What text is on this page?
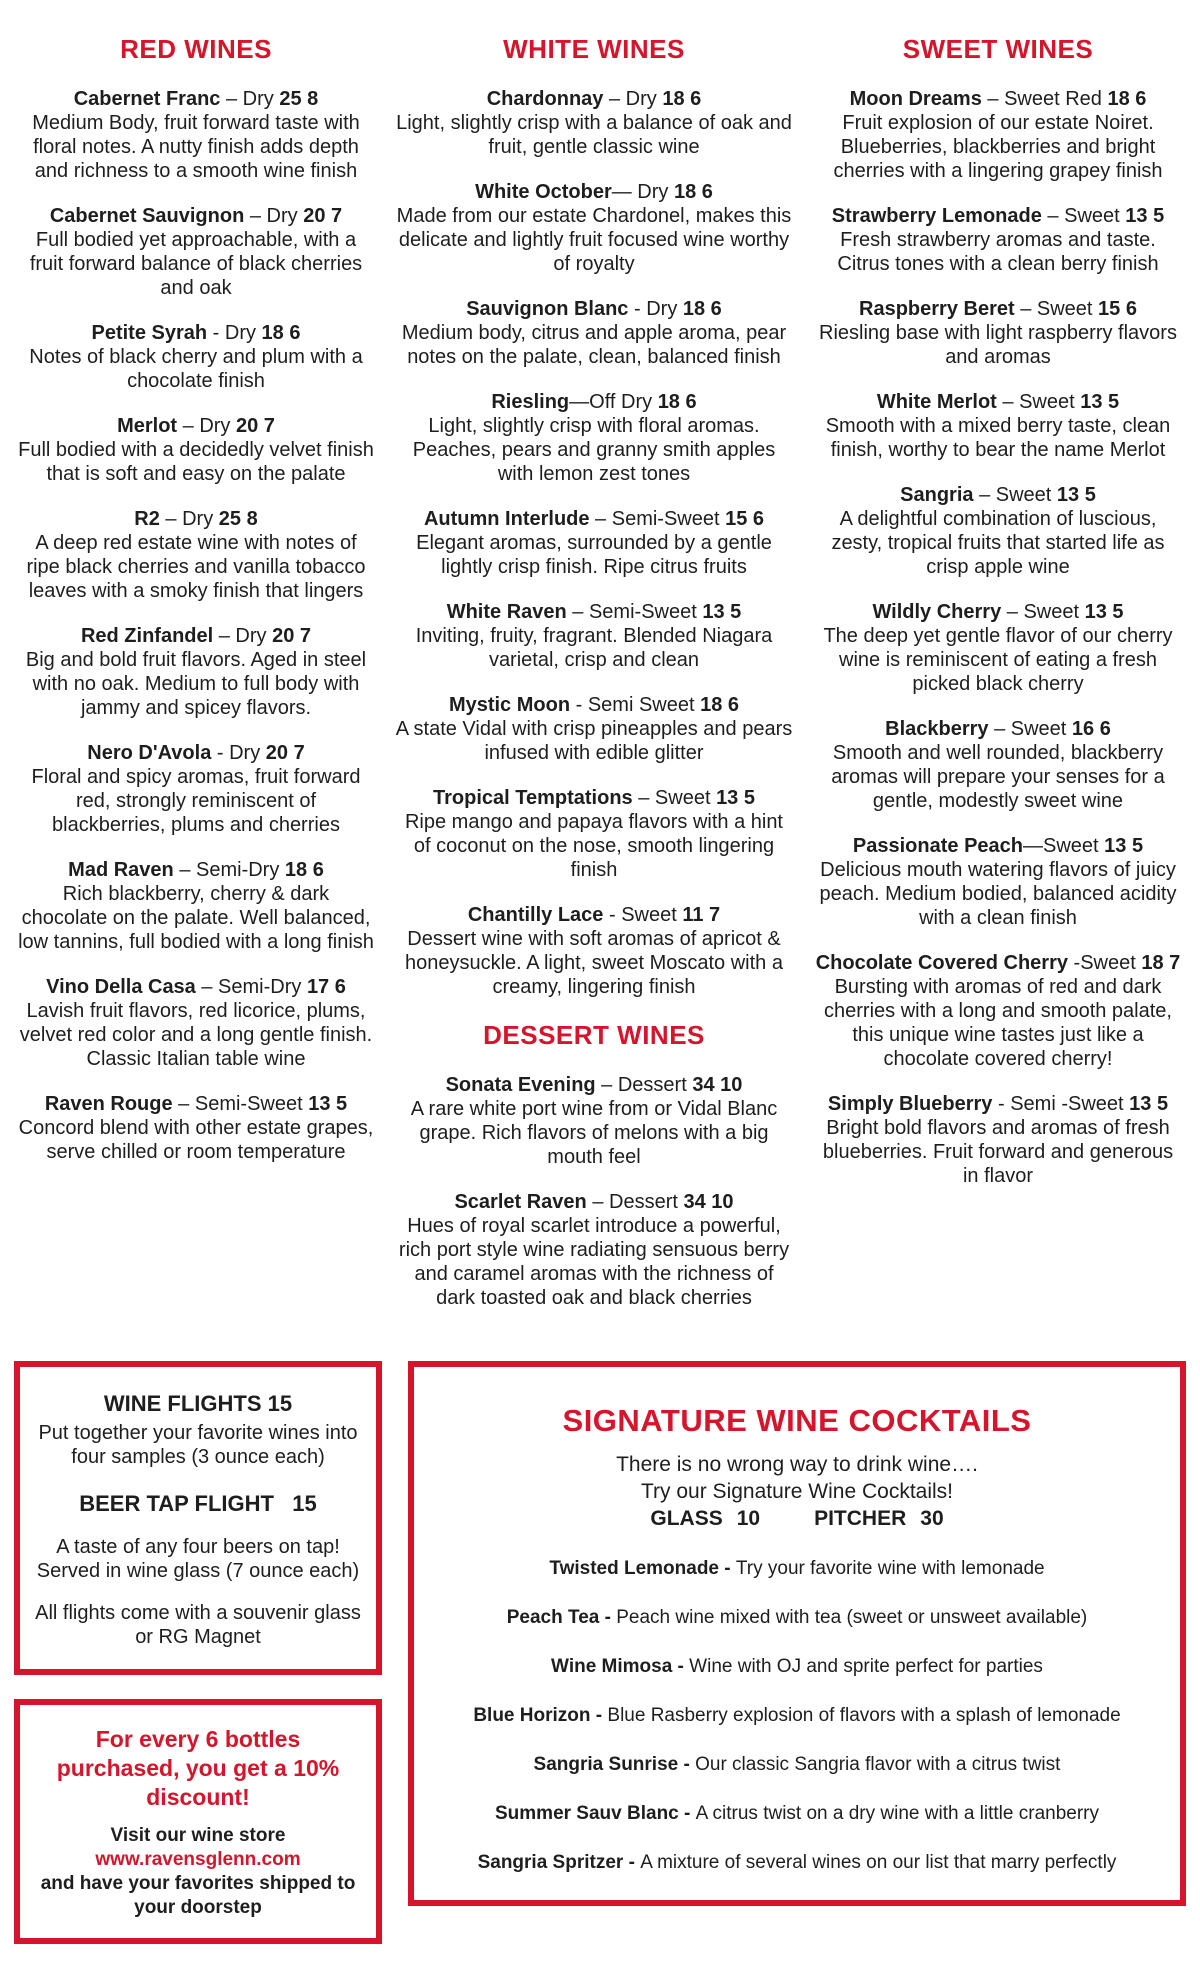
RED WINES
Cabernet Franc – Dry 25 8
Medium Body, fruit forward taste with floral notes. A nutty finish adds depth and richness to a smooth wine finish
Cabernet Sauvignon – Dry 20 7
Full bodied yet approachable, with a fruit forward balance of black cherries and oak
Petite Syrah - Dry 18 6
Notes of black cherry and plum with a chocolate finish
Merlot – Dry 20 7
Full bodied with a decidedly velvet finish that is soft and easy on the palate
R2 – Dry 25 8
A deep red estate wine with notes of ripe black cherries and vanilla tobacco leaves with a smoky finish that lingers
Red Zinfandel – Dry 20 7
Big and bold fruit flavors. Aged in steel with no oak. Medium to full body with jammy and spicey flavors.
Nero D'Avola - Dry 20 7
Floral and spicy aromas, fruit forward red, strongly reminiscent of blackberries, plums and cherries
Mad Raven – Semi-Dry 18 6
Rich blackberry, cherry & dark chocolate on the palate. Well balanced, low tannins, full bodied with a long finish
Vino Della Casa – Semi-Dry 17 6
Lavish fruit flavors, red licorice, plums, velvet red color and a long gentle finish. Classic Italian table wine
Raven Rouge – Semi-Sweet 13 5
Concord blend with other estate grapes, serve chilled or room temperature
WHITE WINES
Chardonnay – Dry 18 6
Light, slightly crisp with a balance of oak and fruit, gentle classic wine
White October— Dry 18 6
Made from our estate Chardonel, makes this delicate and lightly fruit focused wine worthy of royalty
Sauvignon Blanc - Dry 18 6
Medium body, citrus and apple aroma, pear notes on the palate, clean, balanced finish
Riesling—Off Dry 18 6
Light, slightly crisp with floral aromas. Peaches, pears and granny smith apples with lemon zest tones
Autumn Interlude – Semi-Sweet 15 6
Elegant aromas, surrounded by a gentle lightly crisp finish. Ripe citrus fruits
White Raven – Semi-Sweet 13 5
Inviting, fruity, fragrant. Blended Niagara varietal, crisp and clean
Mystic Moon - Semi Sweet 18 6
A state Vidal with crisp pineapples and pears infused with edible glitter
Tropical Temptations – Sweet 13 5
Ripe mango and papaya flavors with a hint of coconut on the nose, smooth lingering finish
Chantilly Lace - Sweet 11 7
Dessert wine with soft aromas of apricot & honeysuckle. A light, sweet Moscato with a creamy, lingering finish
DESSERT WINES
Sonata Evening – Dessert 34 10
A rare white port wine from or Vidal Blanc grape. Rich flavors of melons with a big mouth feel
Scarlet Raven – Dessert 34 10
Hues of royal scarlet introduce a powerful, rich port style wine radiating sensuous berry and caramel aromas with the richness of dark toasted oak and black cherries
SWEET WINES
Moon Dreams – Sweet Red 18 6
Fruit explosion of our estate Noiret. Blueberries, blackberries and bright cherries with a lingering grapey finish
Strawberry Lemonade – Sweet 13 5
Fresh strawberry aromas and taste. Citrus tones with a clean berry finish
Raspberry Beret – Sweet 15 6
Riesling base with light raspberry flavors and aromas
White Merlot – Sweet 13 5
Smooth with a mixed berry taste, clean finish, worthy to bear the name Merlot
Sangria – Sweet 13 5
A delightful combination of luscious, zesty, tropical fruits that started life as crisp apple wine
Wildly Cherry – Sweet 13 5
The deep yet gentle flavor of our cherry wine is reminiscent of eating a fresh picked black cherry
Blackberry – Sweet 16 6
Smooth and well rounded, blackberry aromas will prepare your senses for a gentle, modestly sweet wine
Passionate Peach—Sweet 13 5
Delicious mouth watering flavors of juicy peach. Medium bodied, balanced acidity with a clean finish
Chocolate Covered Cherry -Sweet 18 7
Bursting with aromas of red and dark cherries with a long and smooth palate, this unique wine tastes just like a chocolate covered cherry!
Simply Blueberry - Semi -Sweet 13 5
Bright bold flavors and aromas of fresh blueberries. Fruit forward and generous in flavor
WINE FLIGHTS 15
Put together your favorite wines into four samples (3 ounce each)
BEER TAP FLIGHT   15
A taste of any four beers on tap!
Served in wine glass (7 ounce each)
All flights come with a souvenir glass or RG Magnet
For every 6 bottles purchased, you get a 10% discount!
Visit our wine store
www.ravensglenn.com
and have your favorites shipped to your doorstep
SIGNATURE WINE COCKTAILS
There is no wrong way to drink wine….
Try our Signature Wine Cocktails!
GLASS 10	PITCHER 30
Twisted Lemonade - Try your favorite wine with lemonade
Peach Tea - Peach wine mixed with tea (sweet or unsweet available)
Wine Mimosa - Wine with OJ and sprite perfect for parties
Blue Horizon - Blue Rasberry explosion of flavors with a splash of lemonade
Sangria Sunrise - Our classic Sangria flavor with a citrus twist
Summer Sauv Blanc - A citrus twist on a dry wine with a little cranberry
Sangria Spritzer - A mixture of several wines on our list that marry perfectly
